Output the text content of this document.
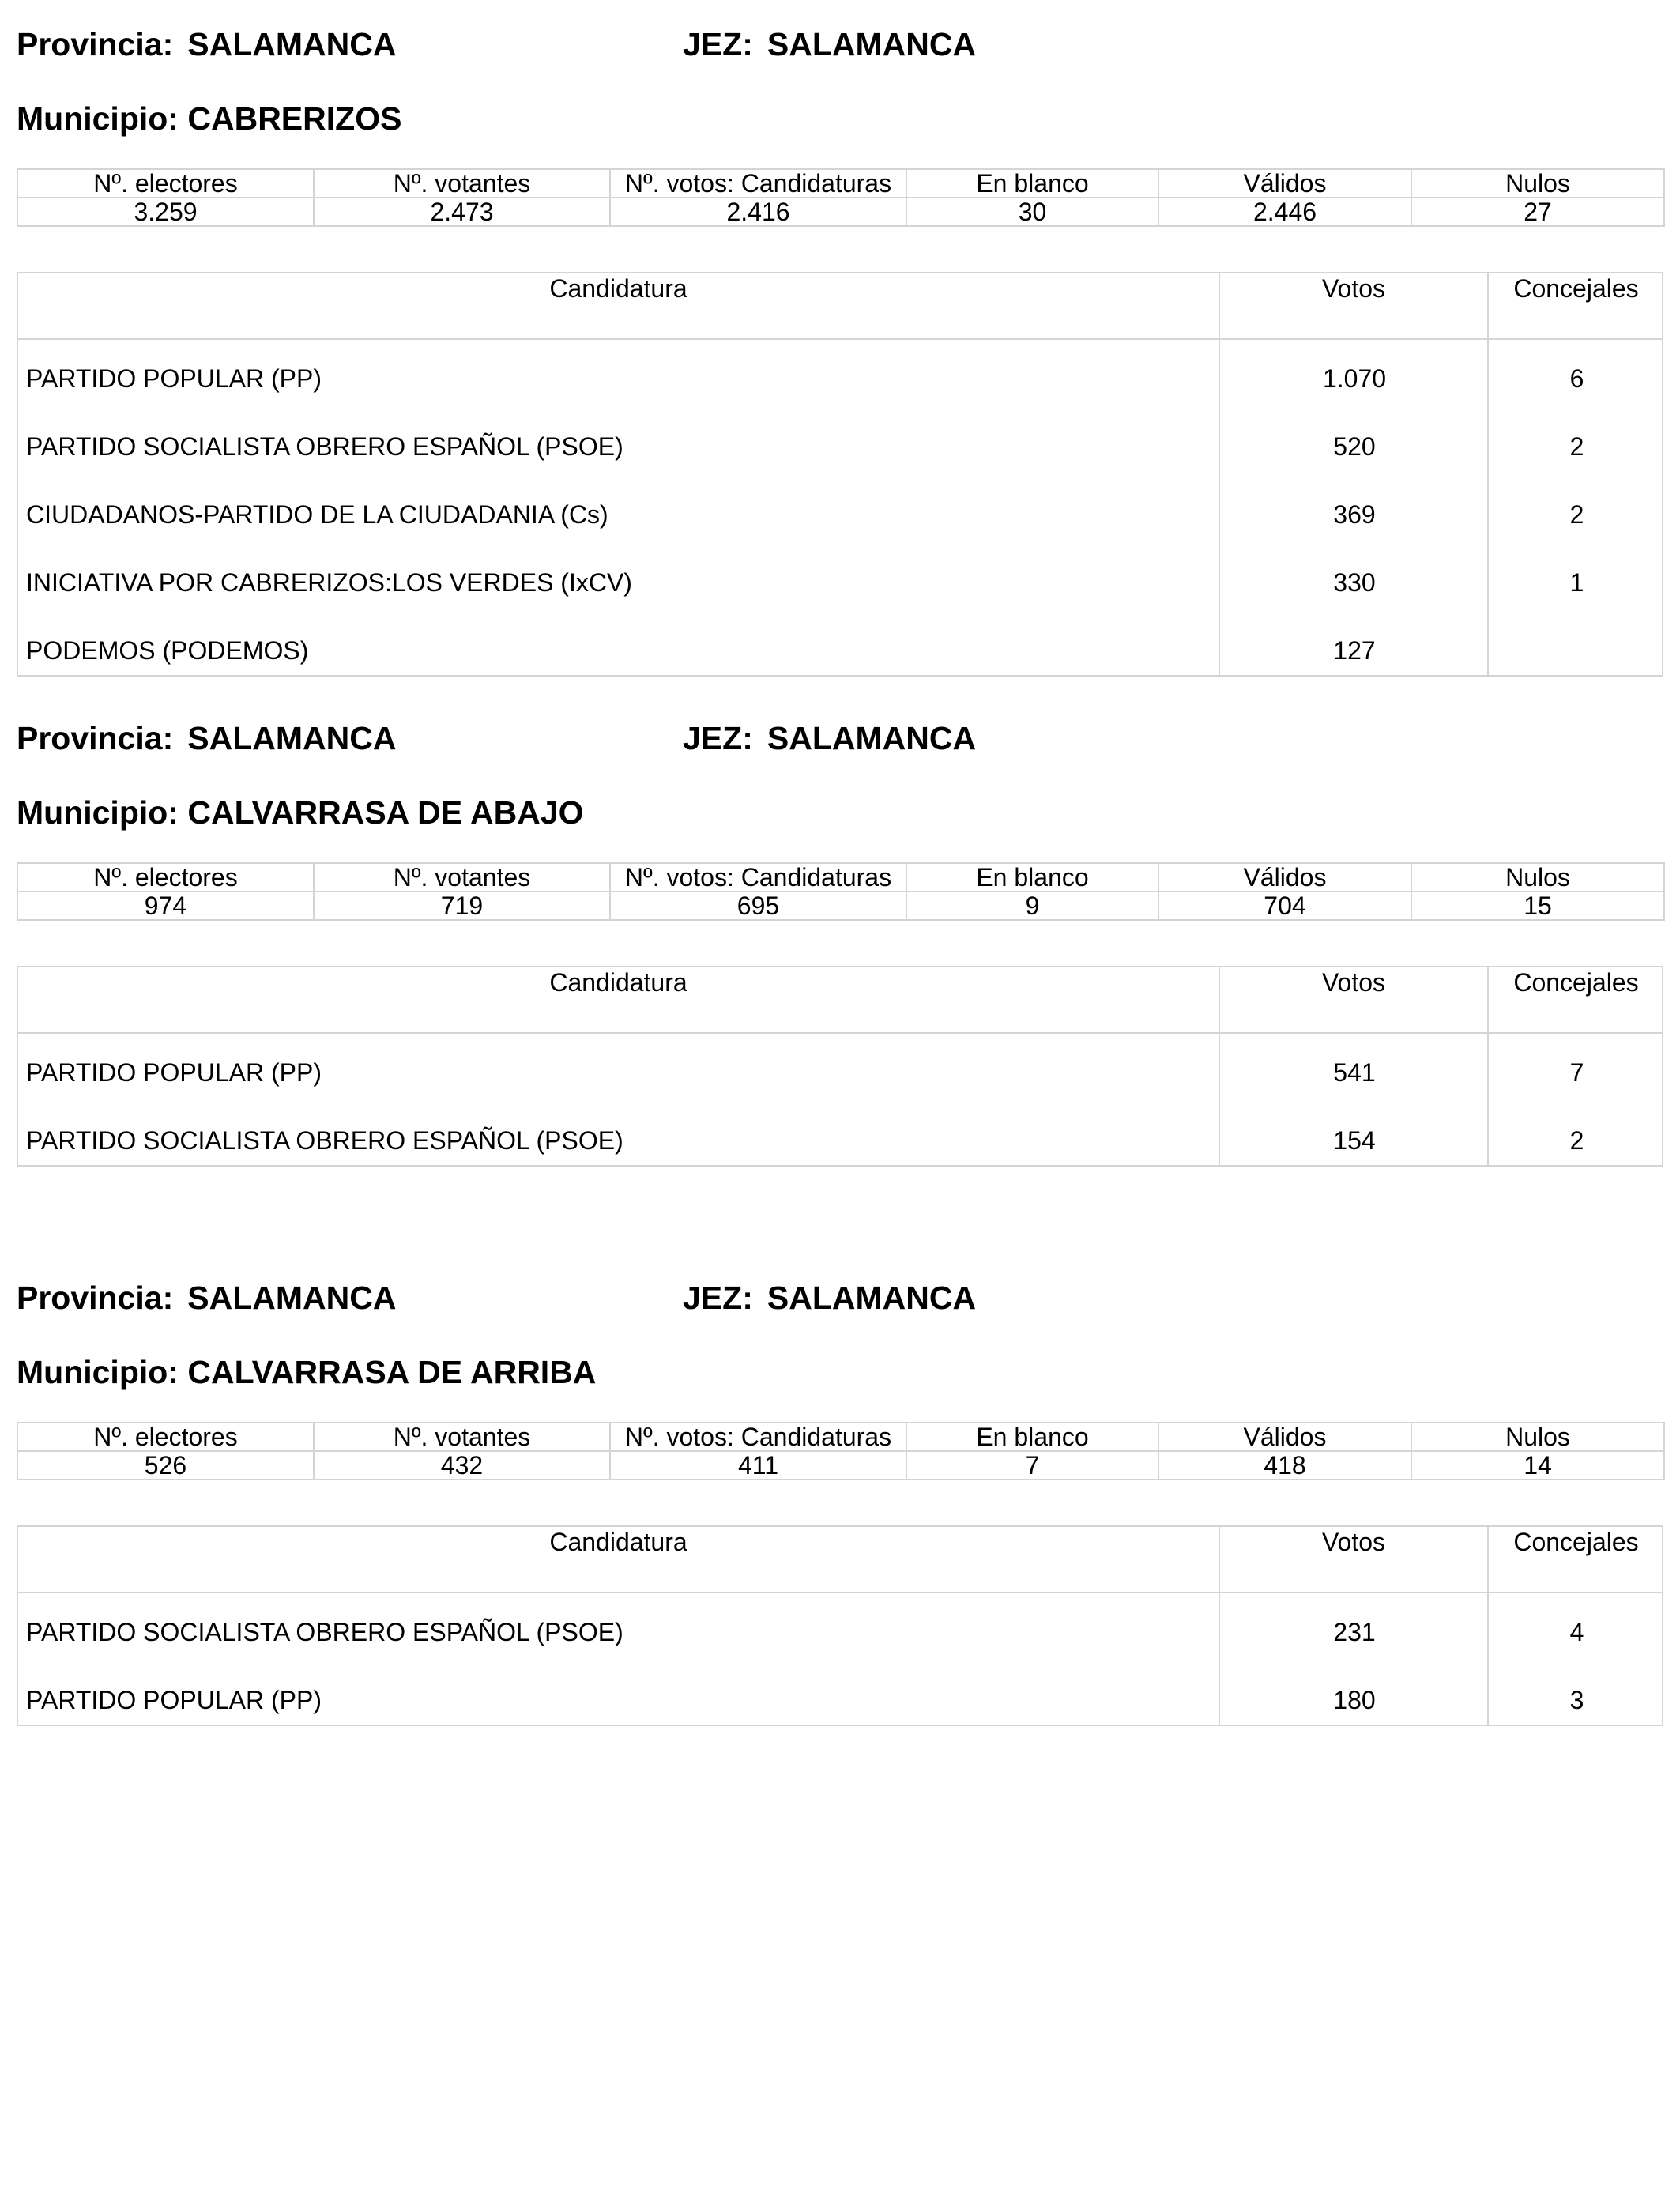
Provincia: SALAMANCA	JEZ: SALAMANCA
Municipio: CABRERIZOS
Nº. electores	Nº. votantes	Nº. votos: Candidaturas	En blanco	Válidos	Nulos
3.259	2.473	2.416	30	2.446	27
Candidatura	Votos	Concejales
PARTIDO POPULAR (PP)	1.070	6
PARTIDO SOCIALISTA OBRERO ESPAÑOL (PSOE)	520	2
CIUDADANOS-PARTIDO DE LA CIUDADANIA (Cs)	369	2
INICIATIVA POR CABRERIZOS:LOS VERDES (IxCV)	330	1
PODEMOS (PODEMOS)	127
Provincia: SALAMANCA	JEZ: SALAMANCA
Municipio: CALVARRASA DE ABAJO
Nº. electores	Nº. votantes	Nº. votos: Candidaturas	En blanco	Válidos	Nulos
974	719	695	9	704	15
Candidatura	Votos	Concejales
PARTIDO POPULAR (PP)	541	7
PARTIDO SOCIALISTA OBRERO ESPAÑOL (PSOE)	154	2
Provincia: SALAMANCA	JEZ: SALAMANCA
Municipio: CALVARRASA DE ARRIBA
Nº. electores	Nº. votantes	Nº. votos: Candidaturas	En blanco	Válidos	Nulos
526	432	411	7	418	14
Candidatura	Votos	Concejales
PARTIDO SOCIALISTA OBRERO ESPAÑOL (PSOE)	231	4
PARTIDO POPULAR (PP)	180	3
